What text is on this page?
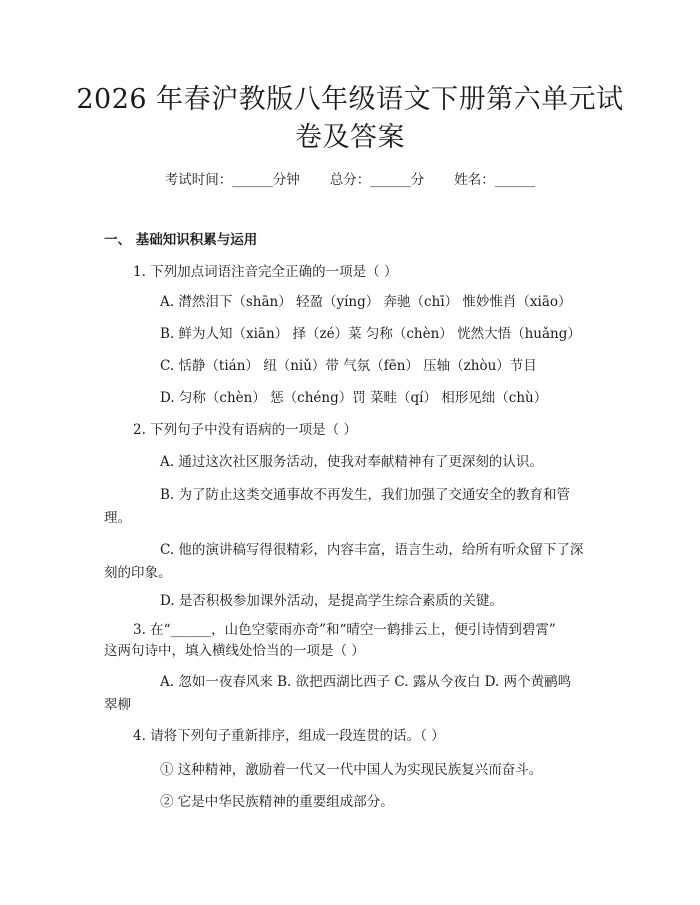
2026 年春沪教版八年级语文下册第六单元试
卷及答案
考试时间：______分钟 总分：______分 姓名：______
一、 基础知识积累与运用
1. 下列加点词语注音完全正确的一项是（ ）
A. 潸然泪下（shān） 轻盈（yíng） 奔驰（chī） 惟妙惟肖（xiāo）
B. 鲜为人知（xiān） 择（zé）菜 匀称（chèn） 恍然大悟（huǎng）
C. 恬静（tián） 纽（niǔ）带 气氛（fēn） 压轴（zhòu）节目
D. 匀称（chèn） 惩（chéng）罚 菜畦（qí） 相形见绌（chù）
2. 下列句子中没有语病的一项是（ ）
A. 通过这次社区服务活动，使我对奉献精神有了更深刻的认识。
B. 为了防止这类交通事故不再发生，我们加强了交通安全的教育和管
理。
C. 他的演讲稿写得很精彩，内容丰富，语言生动，给所有听众留下了深
刻的印象。
D. 是否积极参加课外活动，是提高学生综合素质的关键。
3. 在“______，山色空蒙雨亦奇”和“晴空一鹤排云上，便引诗情到碧霄”
这两句诗中，填入横线处恰当的一项是（ ）
A. 忽如一夜春风来 B. 欲把西湖比西子 C. 露从今夜白 D. 两个黄鹂鸣
翠柳
4. 请将下列句子重新排序，组成一段连贯的话。（ ）
① 这种精神，激励着一代又一代中国人为实现民族复兴而奋斗。
② 它是中华民族精神的重要组成部分。
